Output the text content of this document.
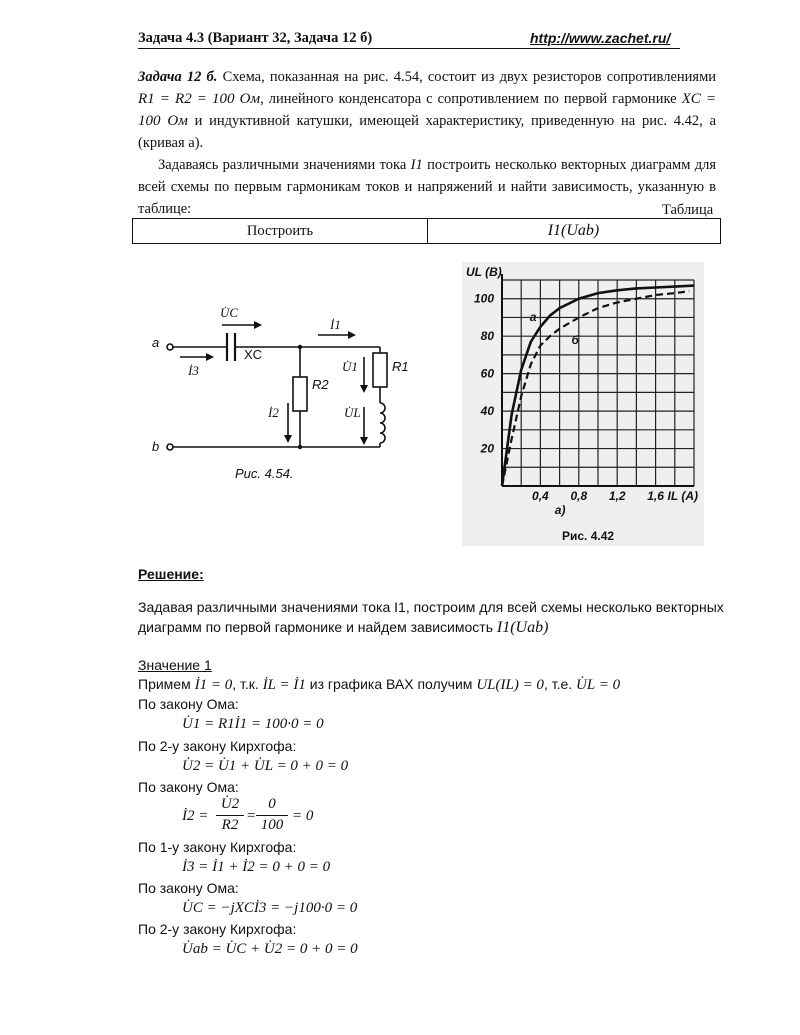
Задача 4.3 (Вариант 32, Задача 12 б)	http://www.zachet.ru/
Задача 12 б. Схема, показанная на рис. 4.54, состоит из двух резисторов сопротивлениями R1 = R2 = 100 Ом, линейного конденсатора с сопротивлением по первой гармонике XC = 100 Ом и индуктивной катушки, имеющей характеристику, приведенную на рис. 4.42, а (кривая а).
Задаваясь различными значениями тока I1 построить несколько векторных диаграмм для всей схемы по первым гармоникам токов и напряжений и найти зависимость, указанную в таблице:	Таблица
Построить	I1(Uab)
a
b
U̇C
XC
İ3
İ1
U̇1	R1
R2
İ2	U̇L
Рис. 4.54.
20
40
60
80
100
0,4 0,8 1,2 1,6
UL (В)
IL (A)
а
б
а)
Рис. 4.42
Решение:
Задавая различными значениями тока I1, построим для всей схемы несколько векторных
диаграмм по первой гармонике и найдем зависимость I1(Uab)
Значение 1
Примем İ1 = 0, т.к. İL = İ1 из графика ВАХ получим UL(IL) = 0, т.е. U̇L = 0
По закону Ома:
U̇1 = R1İ1 = 100·0 = 0
По 2-у закону Кирхгофа:
U̇2 = U̇1 + U̇L = 0 + 0 = 0
По закону Ома:
İ2 =
U̇2
R2
=
0
100
= 0
По 1-у закону Кирхгофа:
İ3 = İ1 + İ2 = 0 + 0 = 0
По закону Ома:
U̇C = −jXCİ3 = −j100·0 = 0
По 2-у закону Кирхгофа:
U̇ab = U̇C + U̇2 = 0 + 0 = 0
